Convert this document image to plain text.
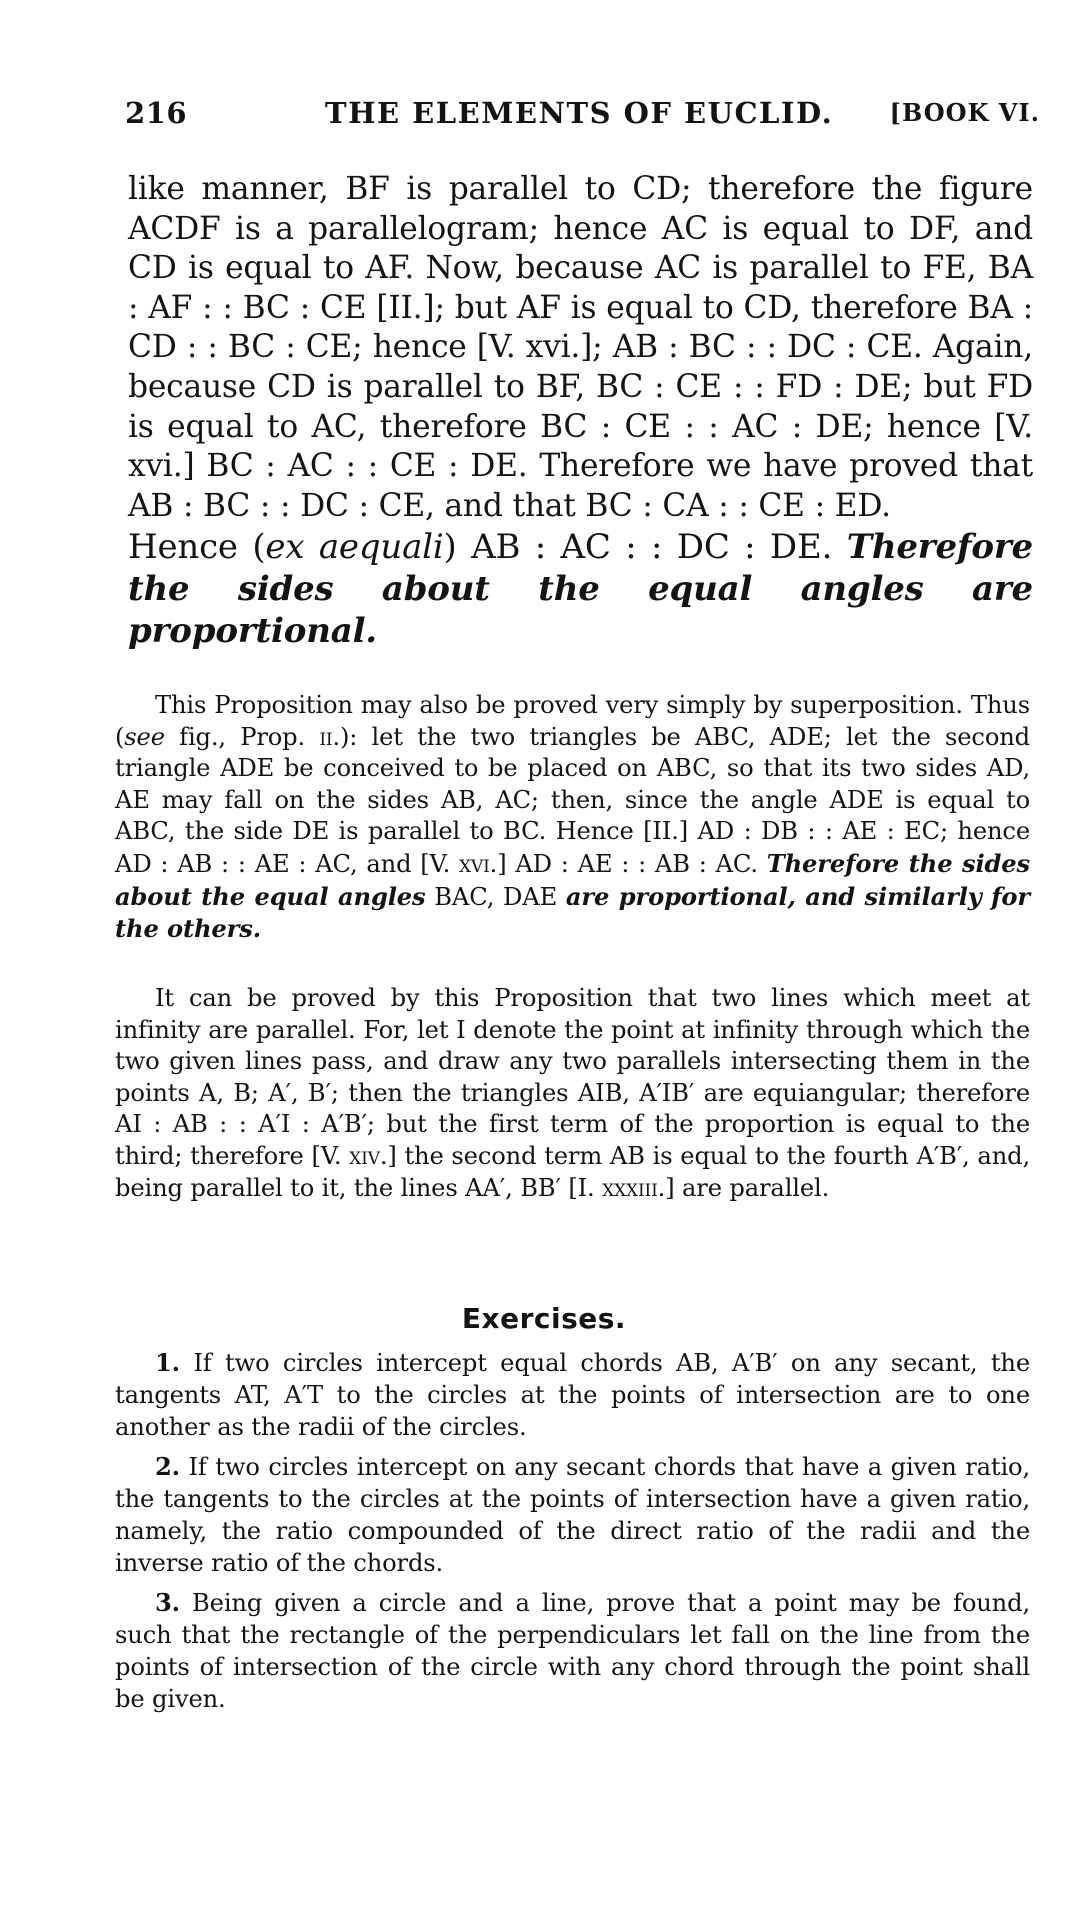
216	THE ELEMENTS OF EUCLID. [BOOK VI.

like manner, BF is parallel to CD; therefore the figure ACDF is a parallelogram; hence AC is equal to DF, and CD is equal to AF. Now, because AC is parallel to FE, BA : AF : : BC : CE [II.]; but AF is equal to CD, therefore BA : CD : : BC : CE; hence [V. xvi.]; AB : BC : : DC : CE. Again, because CD is parallel to BF, BC : CE : : FD : DE; but FD is equal to AC, therefore BC : CE : : AC : DE; hence [V. xvi.] BC : AC : : CE : DE. Therefore we have proved that AB : BC : : DC : CE, and that BC : CA : : CE : ED.

Hence (ex aequali) AB : AC : : DC : DE. Therefore the sides about the equal angles are proportional.

This Proposition may also be proved very simply by superposition. Thus (see fig., Prop. ii.): let the two triangles be ABC, ADE; let the second triangle ADE be conceived to be placed on ABC, so that its two sides AD, AE may fall on the sides AB, AC; then, since the angle ADE is equal to ABC, the side DE is parallel to BC. Hence [II.] AD : DB : : AE : EC; hence AD : AB : : AE : AC, and [V. xvi.] AD : AE : : AB : AC. Therefore the sides about the equal angles BAC, DAE are proportional, and similarly for the others.

It can be proved by this Proposition that two lines which meet at infinity are parallel. For, let I denote the point at infinity through which the two given lines pass, and draw any two parallels intersecting them in the points A, B; A′, B′; then the triangles AIB, A′IB′ are equiangular; therefore AI : AB : : A′I : A′B′; but the first term of the proportion is equal to the third; therefore [V. xiv.] the second term AB is equal to the fourth A′B′, and, being parallel to it, the lines AA′, BB′ [I. xxxiii.] are parallel.

Exercises.

1. If two circles intercept equal chords AB, A′B′ on any secant, the tangents AT, A′T to the circles at the points of intersection are to one another as the radii of the circles.

2. If two circles intercept on any secant chords that have a given ratio, the tangents to the circles at the points of intersection have a given ratio, namely, the ratio compounded of the direct ratio of the radii and the inverse ratio of the chords.

3. Being given a circle and a line, prove that a point may be found, such that the rectangle of the perpendiculars let fall on the line from the points of intersection of the circle with any chord through the point shall be given.
